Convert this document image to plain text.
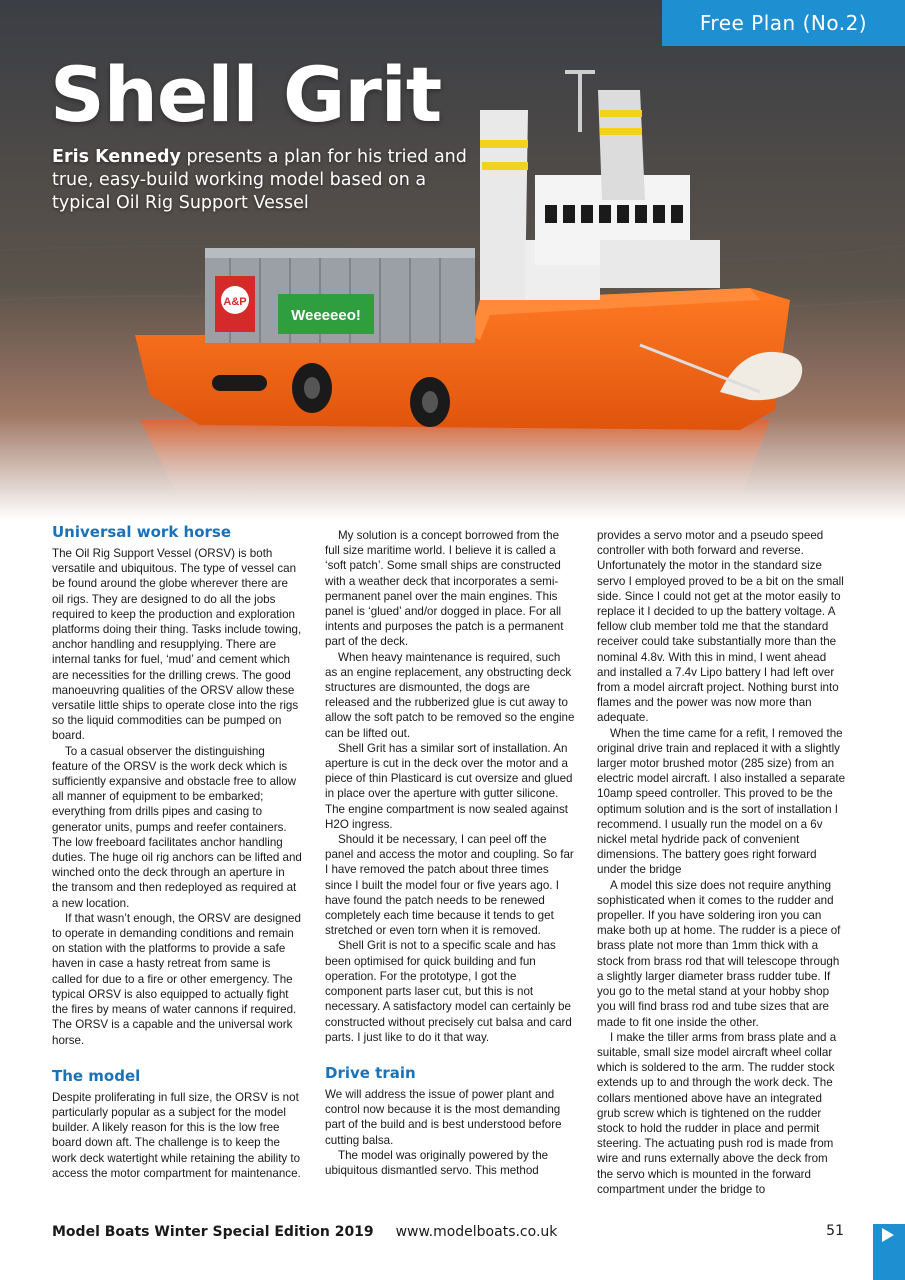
A&P
Weeeeeo!
Free Plan (No.2)
Shell Grit

Eris Kennedy presents a plan for his tried and true, easy-build working model based on a typical Oil Rig Support Vessel

Universal work horse

The Oil Rig Support Vessel (ORSV) is both versatile and ubiquitous. The type of vessel can be found around the globe wherever there are oil rigs. They are designed to do all the jobs required to keep the production and exploration platforms doing their thing. Tasks include towing, anchor handling and resupplying. There are internal tanks for fuel, ‘mud’ and cement which are necessities for the drilling crews. The good manoeuvring qualities of the ORSV allow these versatile little ships to operate close into the rigs so the liquid commodities can be pumped on board.

To a casual observer the distinguishing feature of the ORSV is the work deck which is sufficiently expansive and obstacle free to allow all manner of equipment to be embarked; everything from drills pipes and casing to generator units, pumps and reefer containers. The low freeboard facilitates anchor handling duties. The huge oil rig anchors can be lifted and winched onto the deck through an aperture in the transom and then redeployed as required at a new location.

If that wasn’t enough, the ORSV are designed to operate in demanding conditions and remain on station with the platforms to provide a safe haven in case a hasty retreat from same is called for due to a fire or other emergency. The typical ORSV is also equipped to actually fight the fires by means of water cannons if required. The ORSV is a capable and the universal work horse.

The model

Despite proliferating in full size, the ORSV is not particularly popular as a subject for the model builder. A likely reason for this is the low free board down aft. The challenge is to keep the work deck watertight while retaining the ability to access the motor compartment for maintenance.

My solution is a concept borrowed from the full size maritime world. I believe it is called a ‘soft patch’. Some small ships are constructed with a weather deck that incorporates a semi-permanent panel over the main engines. This panel is ‘glued’ and/or dogged in place. For all intents and purposes the patch is a permanent part of the deck.

When heavy maintenance is required, such as an engine replacement, any obstructing deck structures are dismounted, the dogs are released and the rubberized glue is cut away to allow the soft patch to be removed so the engine can be lifted out.

Shell Grit has a similar sort of installation. An aperture is cut in the deck over the motor and a piece of thin Plasticard is cut oversize and glued in place over the aperture with gutter silicone. The engine compartment is now sealed against H2O ingress.

Should it be necessary, I can peel off the panel and access the motor and coupling. So far I have removed the patch about three times since I built the model four or five years ago. I have found the patch needs to be renewed completely each time because it tends to get stretched or even torn when it is removed.

Shell Grit is not to a specific scale and has been optimised for quick building and fun operation. For the prototype, I got the component parts laser cut, but this is not necessary. A satisfactory model can certainly be constructed without precisely cut balsa and card parts. I just like to do it that way.

Drive train

We will address the issue of power plant and control now because it is the most demanding part of the build and is best understood before cutting balsa.

The model was originally powered by the ubiquitous dismantled servo. This method

provides a servo motor and a pseudo speed controller with both forward and reverse. Unfortunately the motor in the standard size servo I employed proved to be a bit on the small side. Since I could not get at the motor easily to replace it I decided to up the battery voltage. A fellow club member told me that the standard receiver could take substantially more than the nominal 4.8v. With this in mind, I went ahead and installed a 7.4v Lipo battery I had left over from a model aircraft project. Nothing burst into flames and the power was now more than adequate.

When the time came for a refit, I removed the original drive train and replaced it with a slightly larger motor brushed motor (285 size) from an electric model aircraft. I also installed a separate 10amp speed controller. This proved to be the optimum solution and is the sort of installation I recommend. I usually run the model on a 6v nickel metal hydride pack of convenient dimensions. The battery goes right forward under the bridge

A model this size does not require anything sophisticated when it comes to the rudder and propeller. If you have soldering iron you can make both up at home. The rudder is a piece of brass plate not more than 1mm thick with a stock from brass rod that will telescope through a slightly larger diameter brass rudder tube. If you go to the metal stand at your hobby shop you will find brass rod and tube sizes that are made to fit one inside the other.

I make the tiller arms from brass plate and a suitable, small size model aircraft wheel collar which is soldered to the arm. The rudder stock extends up to and through the work deck. The collars mentioned above have an integrated grub screw which is tightened on the rudder stock to hold the rudder in place and permit steering. The actuating push rod is made from wire and runs externally above the deck from the servo which is mounted in the forward compartment under the bridge to

Model Boats Winter Special Edition 2019 www.modelboats.co.uk	51
